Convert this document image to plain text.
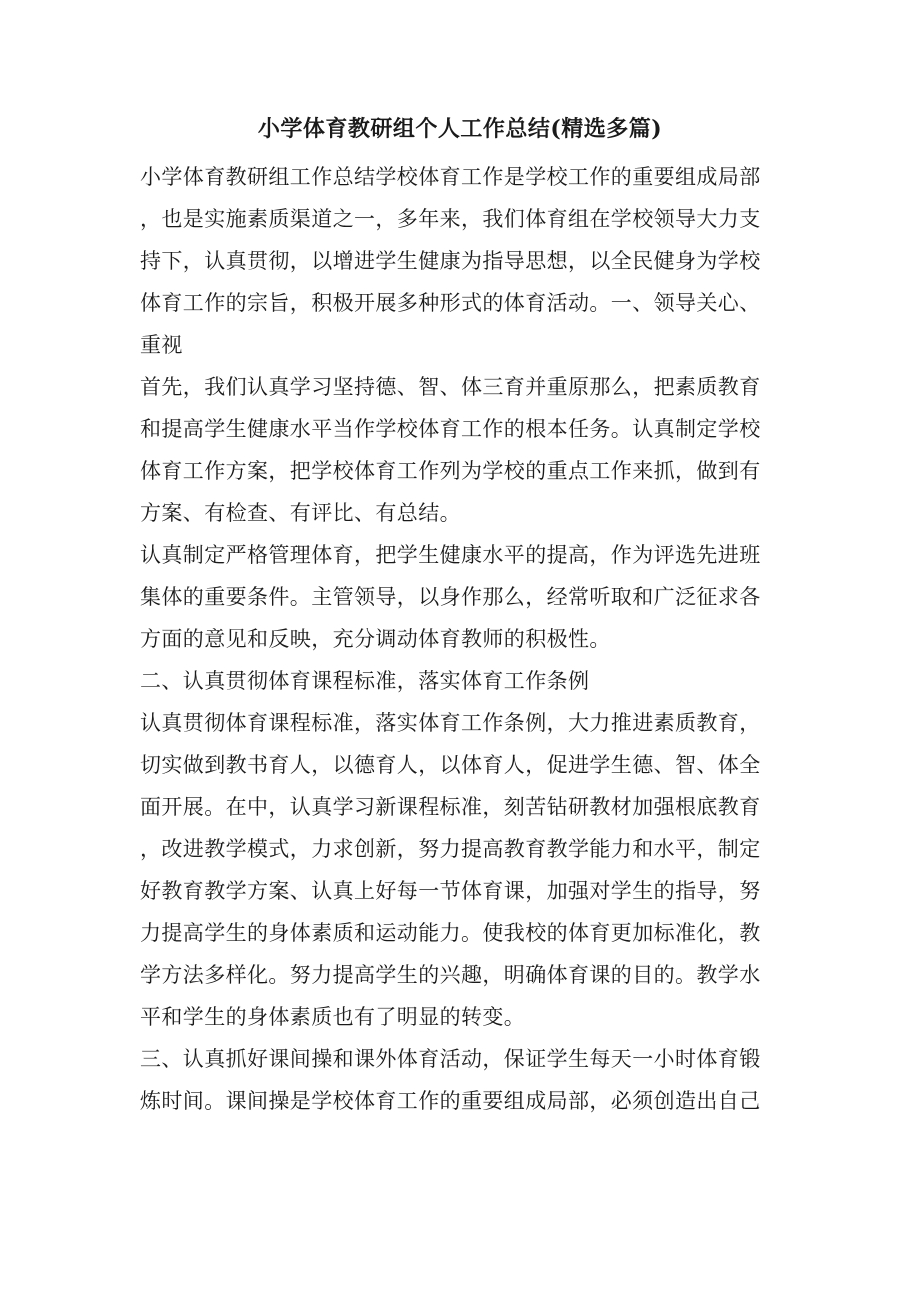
小学体育教研组个人工作总结(精选多篇)
小学体育教研组工作总结学校体育工作是学校工作的重要组成局部
，也是实施素质渠道之一，多年来，我们体育组在学校领导大力支
持下，认真贯彻，以增进学生健康为指导思想，以全民健身为学校
体育工作的宗旨，积极开展多种形式的体育活动。一、领导关心、
重视
首先，我们认真学习坚持德、智、体三育并重原那么，把素质教育
和提高学生健康水平当作学校体育工作的根本任务。认真制定学校
体育工作方案，把学校体育工作列为学校的重点工作来抓，做到有
方案、有检查、有评比、有总结。
认真制定严格管理体育，把学生健康水平的提高，作为评选先进班
集体的重要条件。主管领导，以身作那么，经常听取和广泛征求各
方面的意见和反映，充分调动体育教师的积极性。
二、认真贯彻体育课程标准，落实体育工作条例
认真贯彻体育课程标准，落实体育工作条例，大力推进素质教育，
切实做到教书育人，以德育人，以体育人，促进学生德、智、体全
面开展。在中，认真学习新课程标准，刻苦钻研教材加强根底教育
，改进教学模式，力求创新，努力提高教育教学能力和水平，制定
好教育教学方案、认真上好每一节体育课，加强对学生的指导，努
力提高学生的身体素质和运动能力。使我校的体育更加标准化，教
学方法多样化。努力提高学生的兴趣，明确体育课的目的。教学水
平和学生的身体素质也有了明显的转变。
三、认真抓好课间操和课外体育活动，保证学生每天一小时体育锻
炼时间。课间操是学校体育工作的重要组成局部，必须创造出自己
